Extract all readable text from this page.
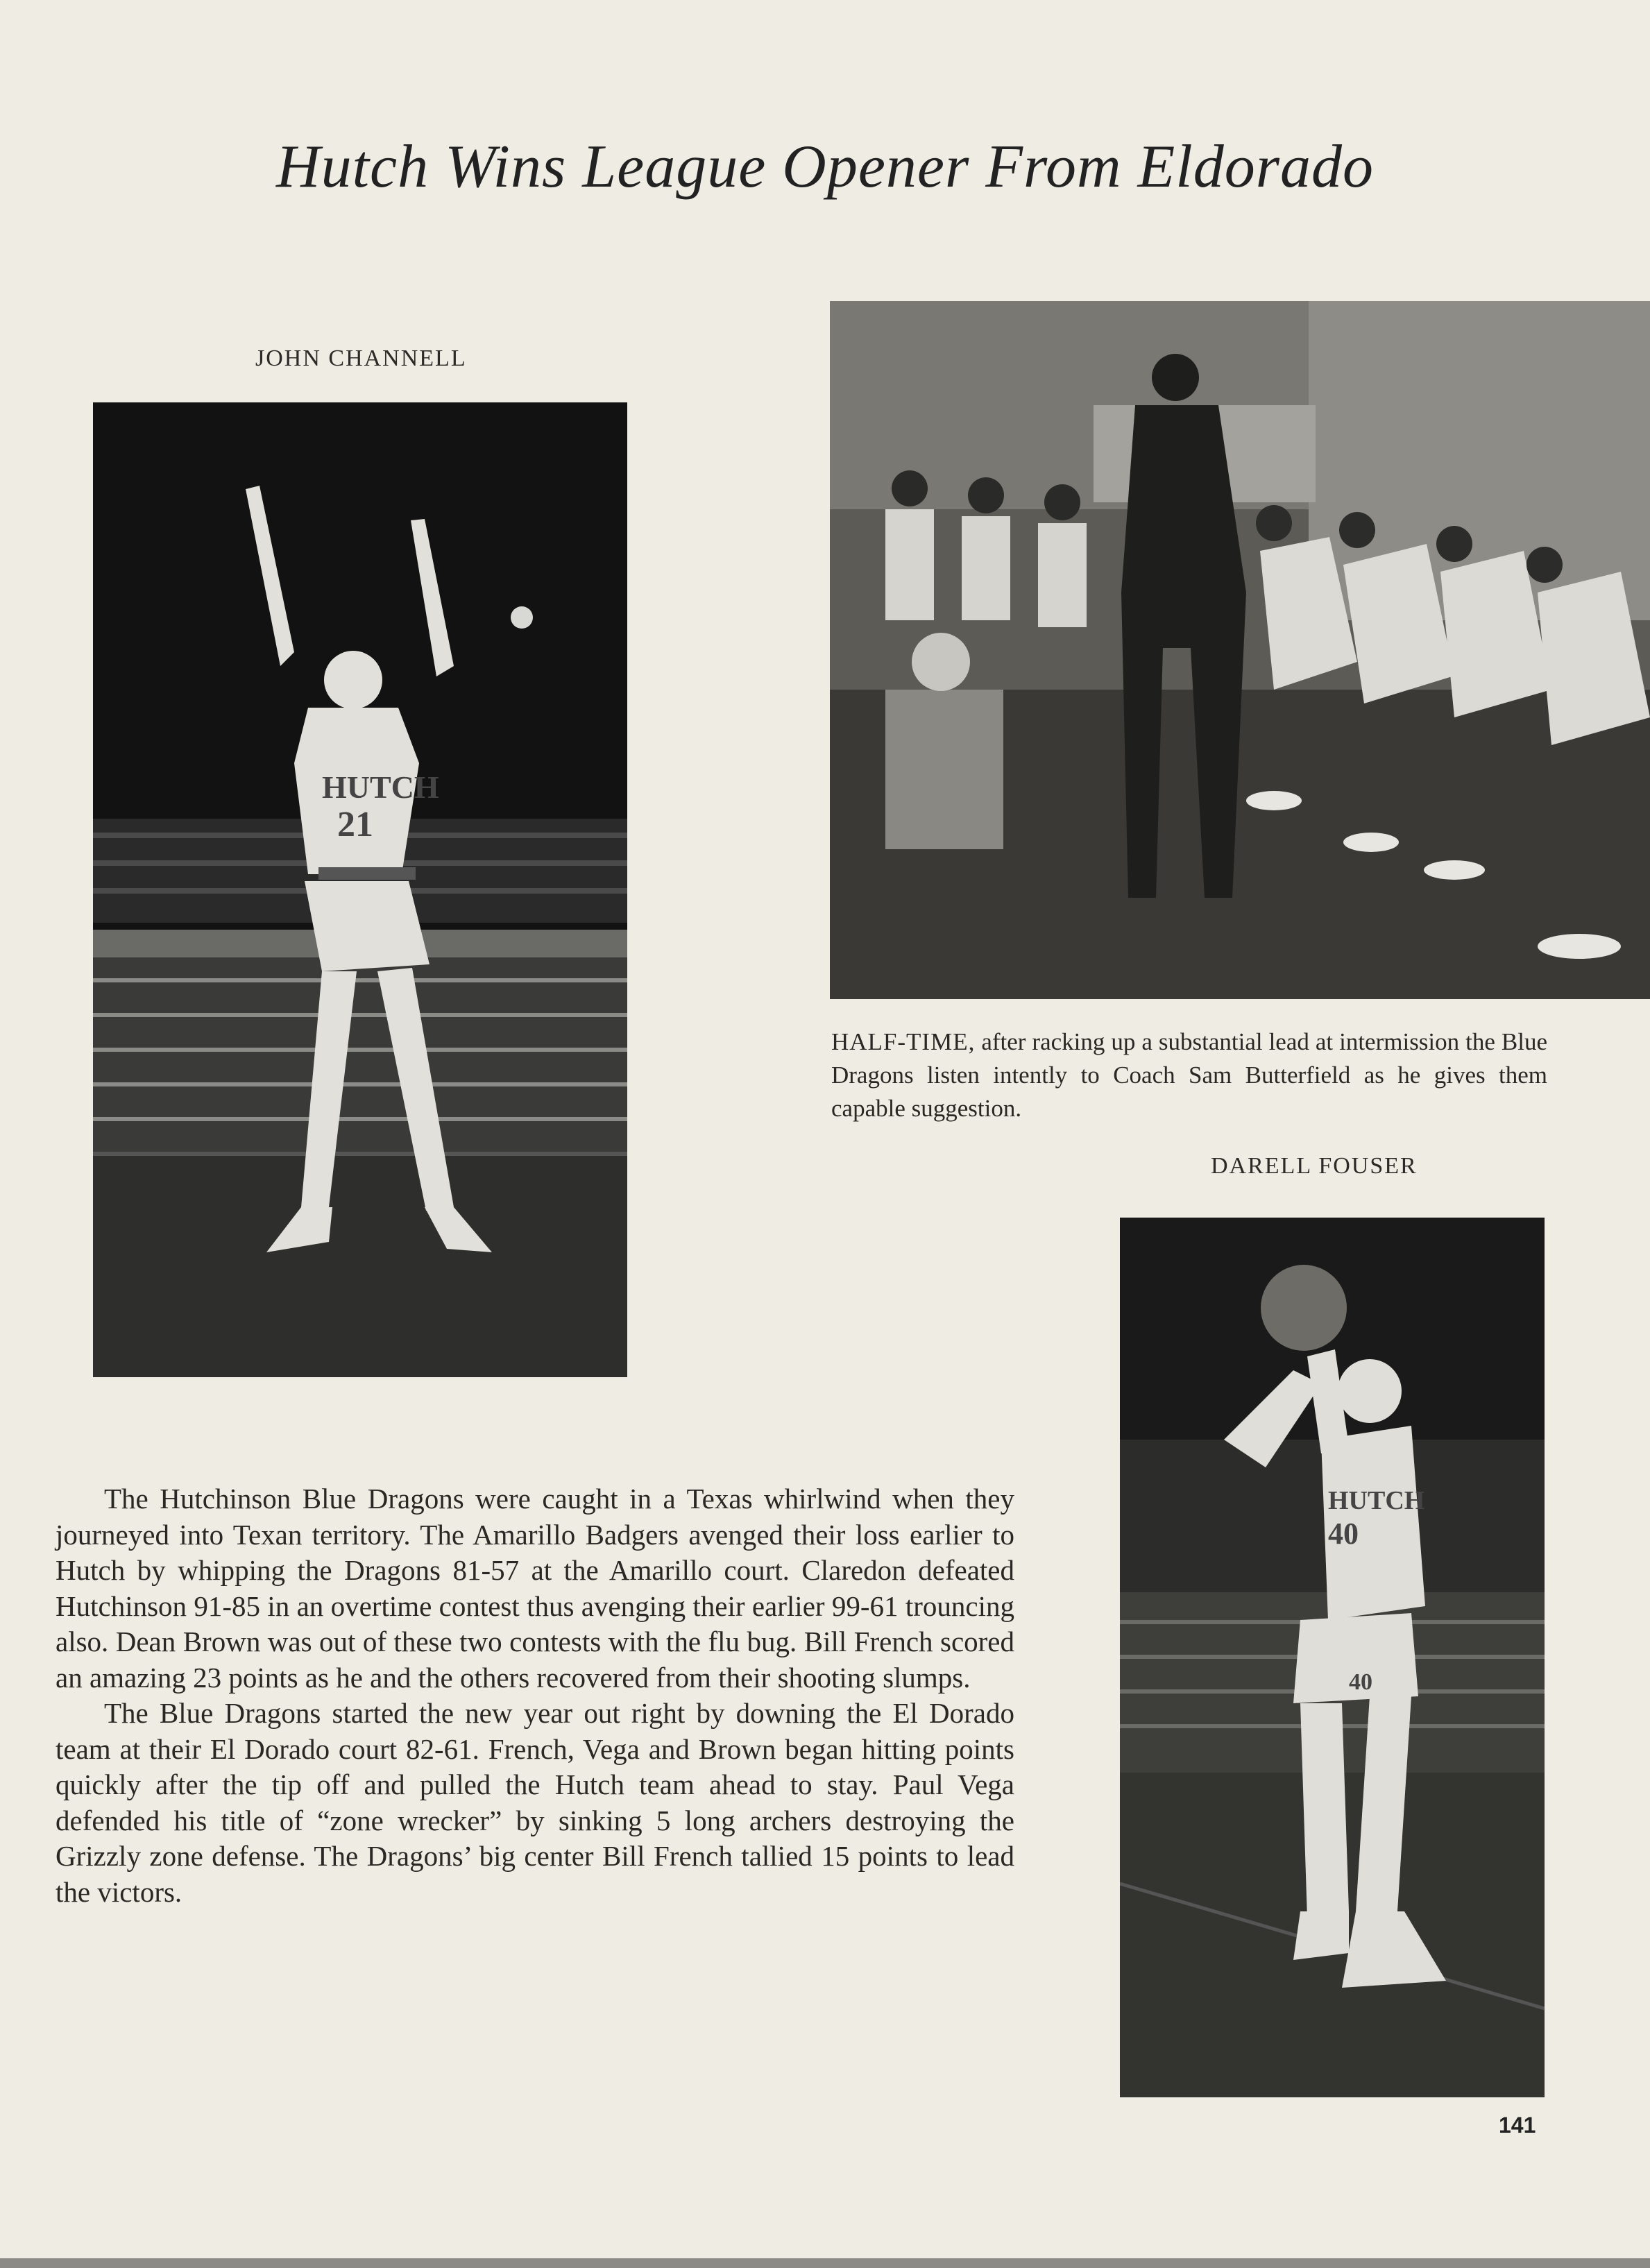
Hutch Wins League Opener From Eldorado
JOHN CHANNELL
HUTCH
21
HALF-TIME, after racking up a substantial lead at intermission the Blue Dragons listen intently to Coach Sam Butterfield as he gives them capable suggestion.
DARELL FOUSER
HUTCH
40
40

The Hutchinson Blue Dragons were caught in a Texas whirlwind when they journeyed into Texan territory. The Amarillo Badgers avenged their loss earlier to Hutch by whipping the Dragons 81-57 at the Amarillo court. Claredon defeated Hutchinson 91-85 in an overtime contest thus avenging their earlier 99-61 trouncing also. Dean Brown was out of these two contests with the flu bug. Bill French scored an amazing 23 points as he and the others recovered from their shooting slumps.

The Blue Dragons started the new year out right by downing the El Dorado team at their El Dorado court 82-61. French, Vega and Brown began hitting points quickly after the tip off and pulled the Hutch team ahead to stay. Paul Vega defended his title of “zone wrecker” by sinking 5 long archers destroying the Grizzly zone defense. The Dragons’ big center Bill French tallied 15 points to lead the victors.

141
